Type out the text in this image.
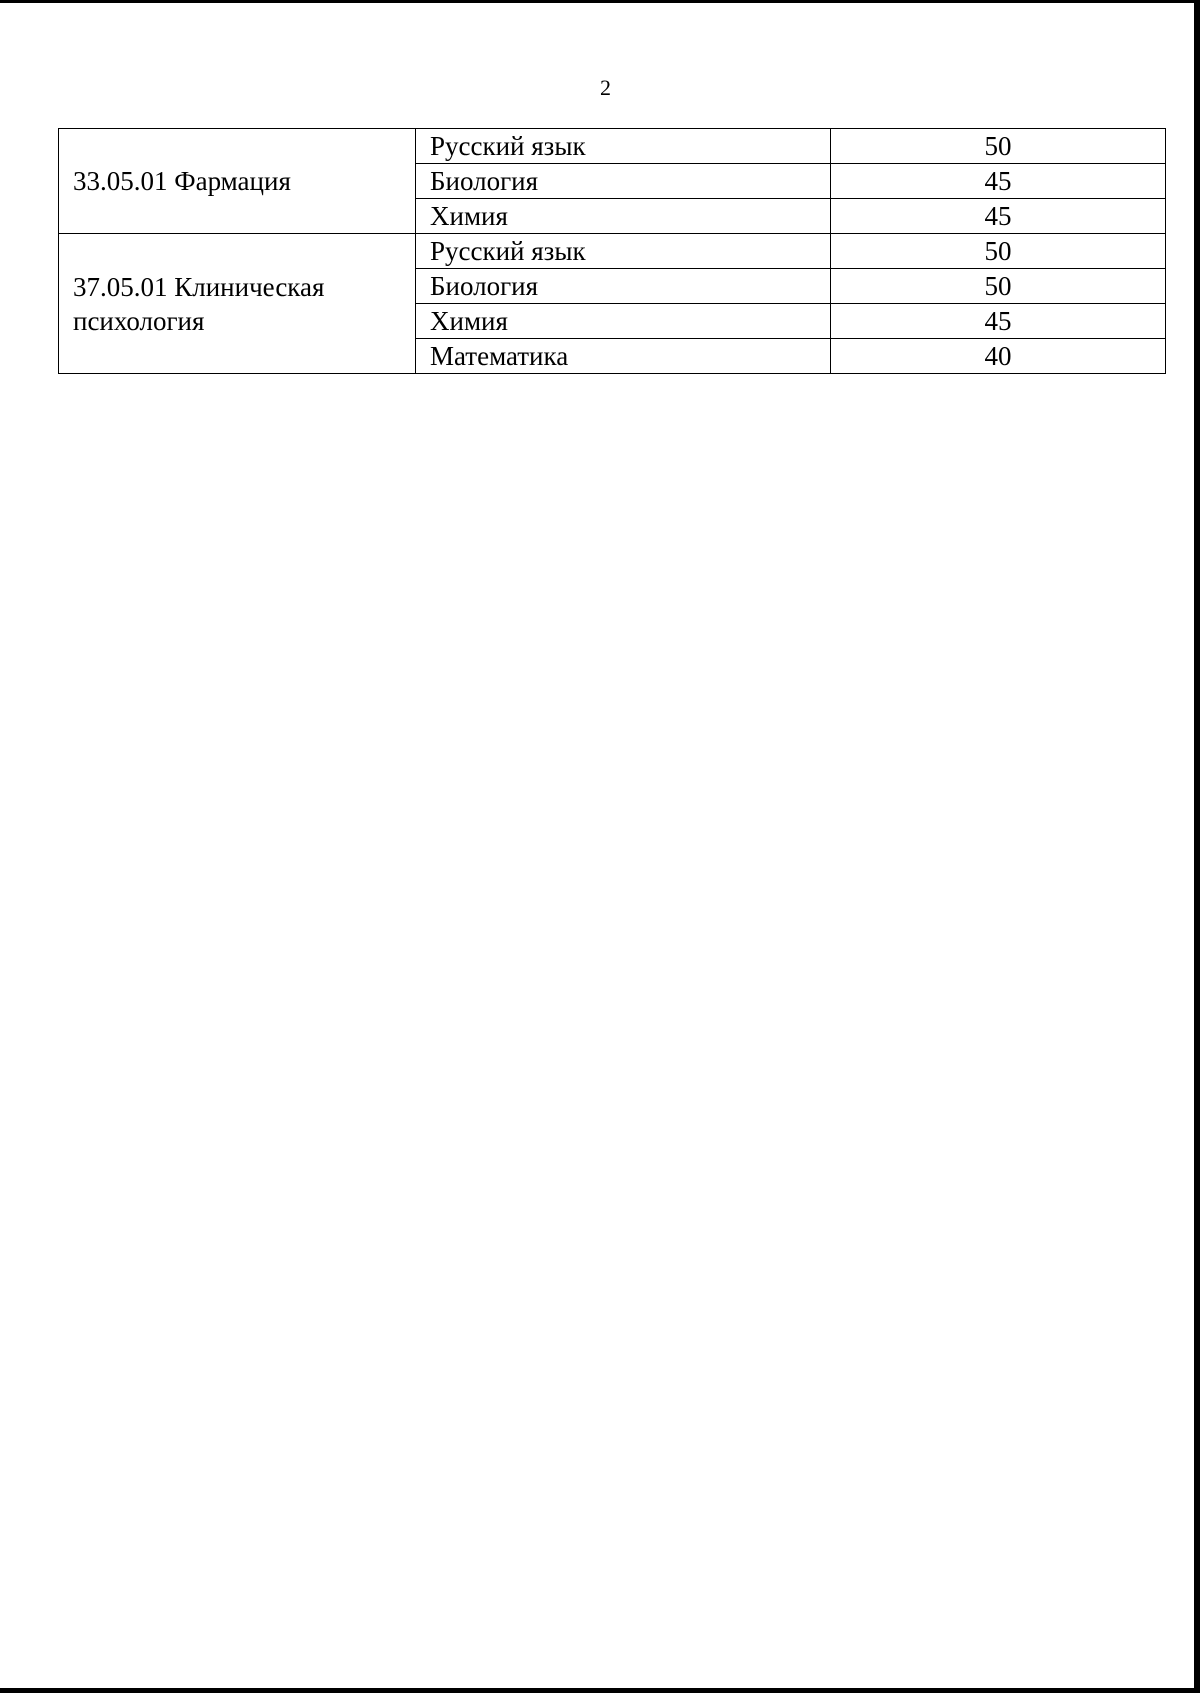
2
33.05.01 Фармация	Русский язык	50
	Биология	45
	Химия	45

37.05.01 Клиническая психология	Русский язык	50
	Биология	50
	Химия	45
	Математика	40
